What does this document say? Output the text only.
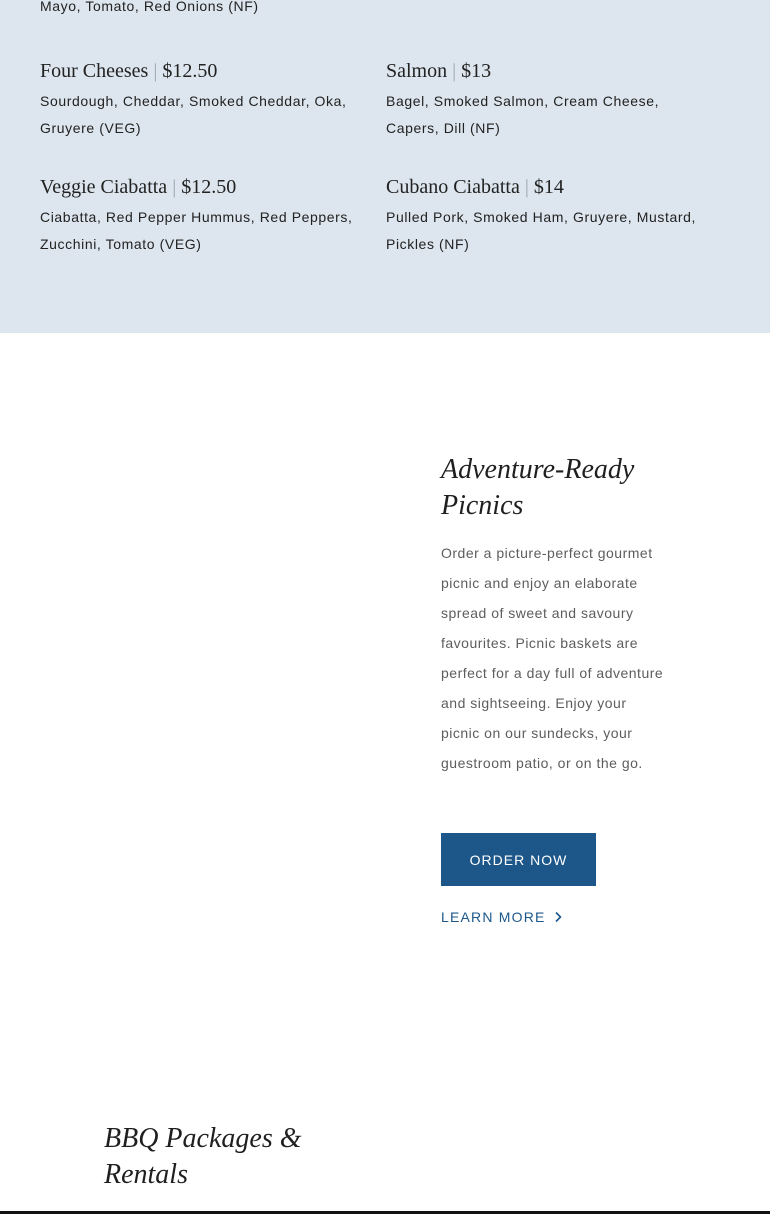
Mayo, Tomato, Red Onions (NF)
Four Cheeses | $12.50
Sourdough, Cheddar, Smoked Cheddar, Oka, Gruyere (VEG)
Salmon | $13
Bagel, Smoked Salmon, Cream Cheese, Capers, Dill (NF)
Veggie Ciabatta | $12.50
Ciabatta, Red Pepper Hummus, Red Peppers, Zucchini, Tomato (VEG)
Cubano Ciabatta | $14
Pulled Pork, Smoked Ham, Gruyere, Mustard, Pickles (NF)
Adventure-Ready Picnics

Order a picture-perfect gourmet picnic and enjoy an elaborate spread of sweet and savoury favourites. Picnic baskets are perfect for a day full of adventure and sightseeing. Enjoy your picnic on our sundecks, your guestroom patio, or on the go.

ORDER NOW
LEARN MORE
BBQ Packages & Rentals
